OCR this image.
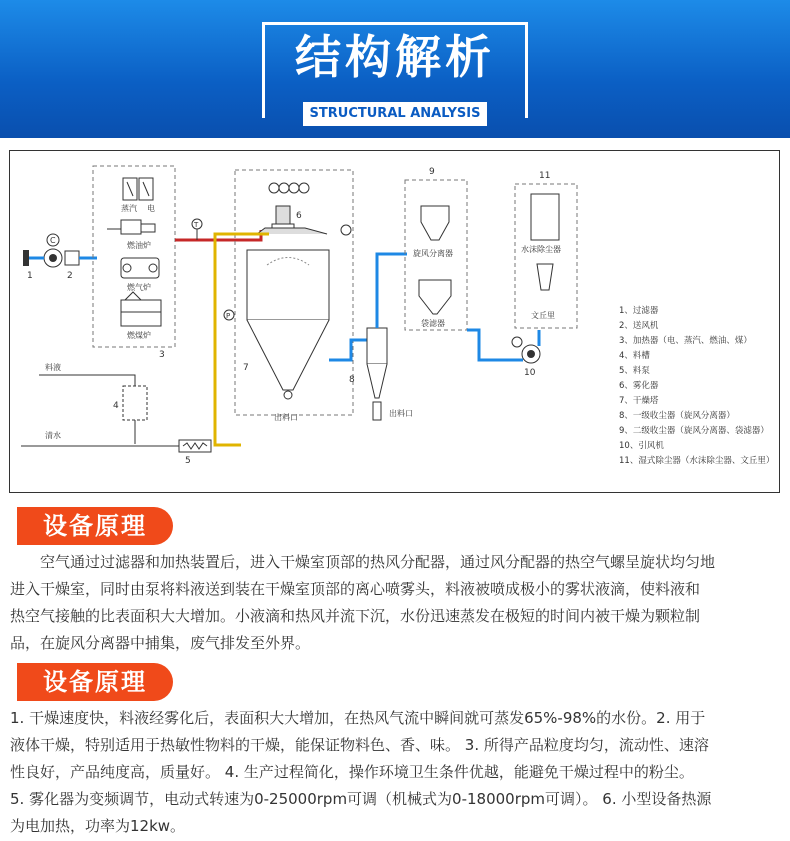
结构解析
STRUCTURAL ANALYSIS
C
1	2
蒸汽 电
燃油炉
燃气炉
燃煤炉
3
T
6
7
出料口
P
料液
4
清水
5
8
出料口
9
旋风分离器
袋滤器
10
11
水沫除尘器
文丘里	1、过滤器
2、送风机
3、加热器（电、蒸汽、燃油、煤）
4、料槽
5、料泵
6、雾化器
7、干燥塔
8、一级收尘器（旋风分离器）
9、二级收尘器（旋风分离器、袋滤器）
10、引风机
11、湿式除尘器（水沫除尘器、文丘里）
设备原理
　　空气通过过滤器和加热装置后，进入干燥室顶部的热风分配器，通过风分配器的热空气螺呈旋状均匀地
进入干燥室，同时由泵将料液送到装在干燥室顶部的离心喷雾头，料液被喷成极小的雾状液滴，使料液和
热空气接触的比表面积大大增加。小液滴和热风并流下沉，水份迅速蒸发在极短的时间内被干燥为颗粒制
品，在旋风分离器中捕集，废气排发至外界。
设备原理
1. 干燥速度快，料液经雾化后，表面积大大增加，在热风气流中瞬间就可蒸发65%-98%的水份。2. 用于
液体干燥，特别适用于热敏性物料的干燥，能保证物料色、香、味。 3. 所得产品粒度均匀，流动性、速溶
性良好，产品纯度高，质量好。 4. 生产过程简化，操作环境卫生条件优越，能避免干燥过程中的粉尘。
5. 雾化器为变频调节，电动式转速为0-25000rpm可调（机械式为0-18000rpm可调）。 6. 小型设备热源
为电加热，功率为12kw。
